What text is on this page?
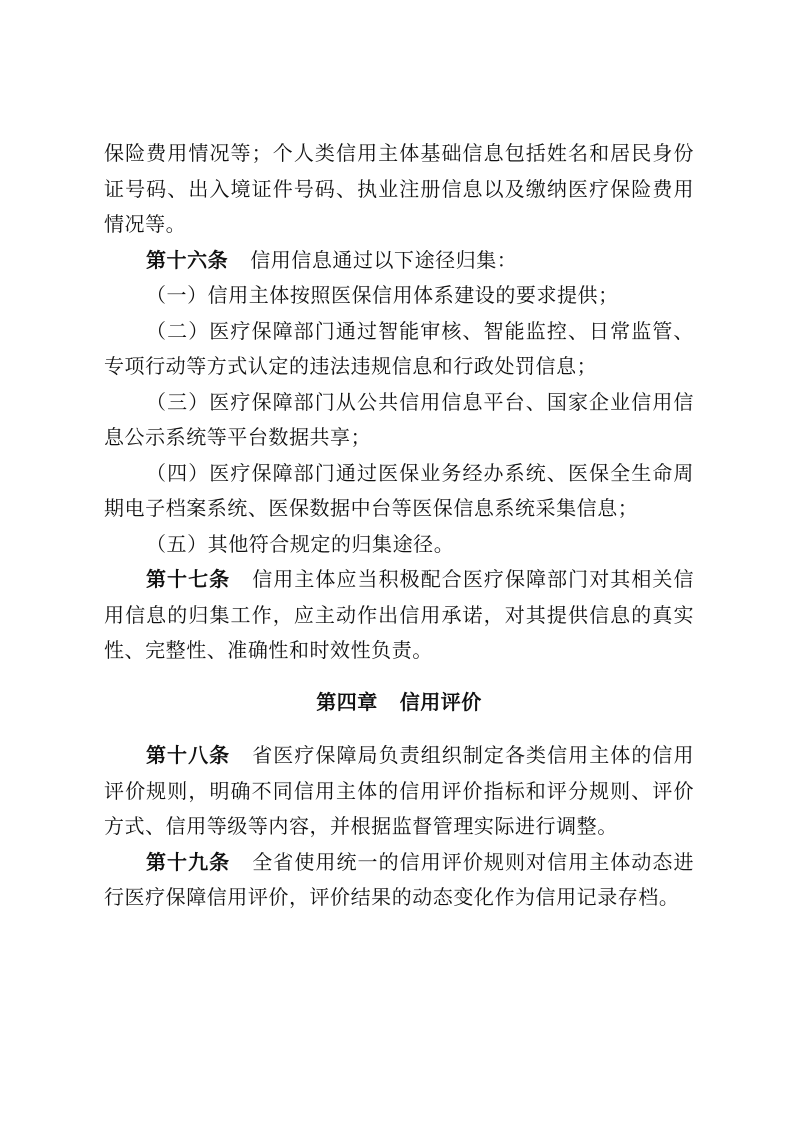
保险费用情况等；个人类信用主体基础信息包括姓名和居民身份证号码、出入境证件号码、执业注册信息以及缴纳医疗保险费用情况等。

第十六条 信用信息通过以下途径归集：

（一）信用主体按照医保信用体系建设的要求提供；

（二）医疗保障部门通过智能审核、智能监控、日常监管、专项行动等方式认定的违法违规信息和行政处罚信息；

（三）医疗保障部门从公共信用信息平台、国家企业信用信息公示系统等平台数据共享；

（四）医疗保障部门通过医保业务经办系统、医保全生命周期电子档案系统、医保数据中台等医保信息系统采集信息；

（五）其他符合规定的归集途径。

第十七条 信用主体应当积极配合医疗保障部门对其相关信用信息的归集工作，应主动作出信用承诺，对其提供信息的真实性、完整性、准确性和时效性负责。

第四章 信用评价

第十八条 省医疗保障局负责组织制定各类信用主体的信用评价规则，明确不同信用主体的信用评价指标和评分规则、评价方式、信用等级等内容，并根据监督管理实际进行调整。

第十九条 全省使用统一的信用评价规则对信用主体动态进行医疗保障信用评价，评价结果的动态变化作为信用记录存档。
